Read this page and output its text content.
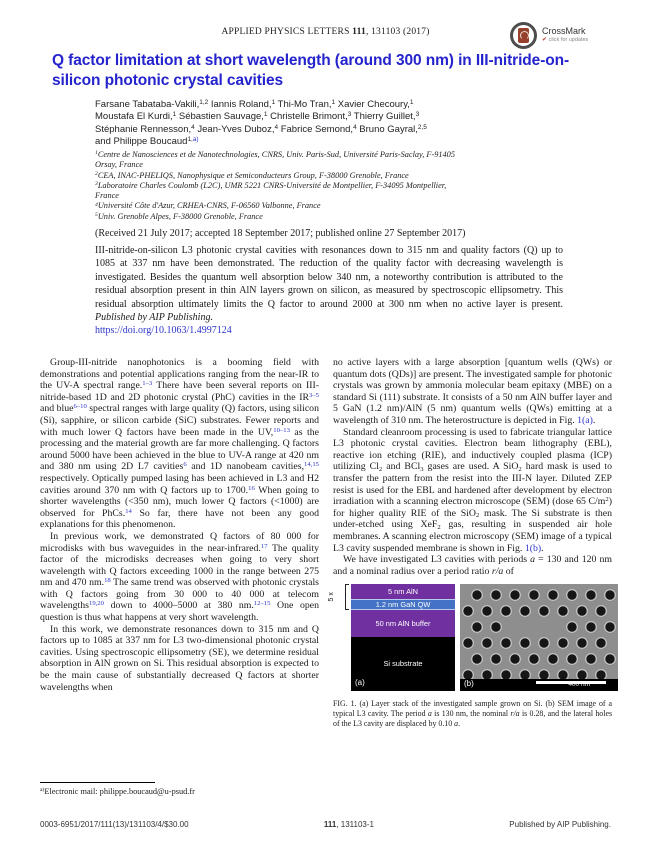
APPLIED PHYSICS LETTERS 111, 131103 (2017)	CrossMark
✔ click for updates
Q factor limitation at short wavelength (around 300 nm) in III-nitride-on-silicon photonic crystal cavities
Farsane Tabataba-Vakili,$^{1,2}$ Iannis Roland,$^1$ Thi-Mo Tran,$^1$ Xavier Checoury,$^1$
Moustafa El Kurdi,$^1$ Sébastien Sauvage,$^1$ Christelle Brimont,$^3$ Thierry Guillet,$^3$
Stéphanie Rennesson,$^4$ Jean-Yves Duboz,$^4$ Fabrice Semond,$^4$ Bruno Gayral,$^{2,5}$
and Philippe Boucaud$^{1,a)}$
$^1$Centre de Nanosciences et de Nanotechnologies, CNRS, Univ. Paris-Sud, Université Paris-Saclay, F-91405 Orsay, France
$^2$CEA, INAC-PHELIQS, Nanophysique et Semiconducteurs Group, F-38000 Grenoble, France
$^3$Laboratoire Charles Coulomb (L2C), UMR 5221 CNRS-Université de Montpellier, F-34095 Montpellier, France
$^4$Université Côte d'Azur, CRHEA-CNRS, F-06560 Valbonne, France
$^5$Univ. Grenoble Alpes, F-38000 Grenoble, France
(Received 21 July 2017; accepted 18 September 2017; published online 27 September 2017)
III-nitride-on-silicon L3 photonic crystal cavities with resonances down to 315 nm and quality factors (Q) up to 1085 at 337 nm have been demonstrated. The reduction of the quality factor with decreasing wavelength is investigated. Besides the quantum well absorption below 340 nm, a noteworthy contribution is attributed to the residual absorption present in thin AlN layers grown on silicon, as measured by spectroscopic ellipsometry. This residual absorption ultimately limits the Q factor to around 2000 at 300 nm when no active layer is present. Published by AIP Publishing.
https://doi.org/10.1063/1.4997124

Group-III-nitride nanophotonics is a booming field with demonstrations and potential applications ranging from the near-IR to the UV-A spectral range.$^{1-3}$ There have been several reports on III-nitride-based 1D and 2D photonic crystal (PhC) cavities in the IR$^{3-5}$ and blue$^{6-10}$ spectral ranges with large quality (Q) factors, using silicon (Si), sapphire, or silicon carbide (SiC) substrates. Fewer reports and with much lower Q factors have been made in the UV,$^{10-13}$ as the processing and the material growth are far more challenging. Q factors around 5000 have been achieved in the blue to UV-A range at 420 nm and 380 nm using 2D L7 cavities$^6$ and 1D nanobeam cavities,$^{14,15}$ respectively. Optically pumped lasing has been achieved in L3 and H2 cavities around 370 nm with Q factors up to 1700.16 When going to shorter wavelengths (<350 nm), much lower Q factors (<1000) are observed for PhCs.$^{14}$ So far, there have not been any good explanations for this phenomenon.

In previous work, we demonstrated Q factors of 80 000 for microdisks with bus waveguides in the near-infrared.$^{17}$ The quality factor of the microdisks decreases when going to very short wavelength with Q factors exceeding 1000 in the range between 275 nm and 470 nm.$^{18}$ The same trend was observed with photonic crystals with Q factors going from 30 000 to 40 000 at telecom wavelengths$^{19,20}$ down to 4000–5000 at 380 nm.$^{12-15}$ One open question is thus what happens at very short wavelength.

In this work, we demonstrate resonances down to 315 nm and Q factors up to 1085 at 337 nm for L3 two-dimensional photonic crystal cavities. Using spectroscopic ellipsometry (SE), we determine residual absorption in AlN grown on Si. This residual absorption is expected to be the main cause of substantially decreased Q factors at shorter wavelengths when

no active layers with a large absorption [quantum wells (QWs) or quantum dots (QDs)] are present. The investigated sample for photonic crystals was grown by ammonia molecular beam epitaxy (MBE) on a standard Si (111) substrate. It consists of a 50 nm AlN buffer layer and 5 GaN (1.2 nm)/AlN (5 nm) quantum wells (QWs) emitting at a wavelength of 310 nm. The heterostructure is depicted in Fig. 1(a).

Standard cleanroom processing is used to fabricate triangular lattice L3 photonic crystal cavities. Electron beam lithography (EBL), reactive ion etching (RIE), and inductively coupled plasma (ICP) utilizing $Cl_2$ and BCl$_3$ gases are used. A SiO$_2$ hard mask is used to transfer the pattern from the resist into the III-N layer. Diluted ZEP resist is used for the EBL and hardened after development by electron irradiation with a scanning electron microscope (SEM) (dose 65 $C/m^2$) for higher quality RIE of the SiO$_2$ mask. The Si substrate is then under-etched using XeF$_2$ gas, resulting in suspended air hole membranes. A scanning electron microscopy (SEM) image of a typical L3 cavity suspended membrane is shown in Fig. 1(b).

We have investigated L3 cavities with periods a = 130 and 120 nm and a nominal radius over a period ratio r/a of

5 x
5 nm AlN
1.2 nm GaN QW
50 nm AlN buffer
Si substrate
(a)	400 nm
(b)
FIG. 1. (a) Layer stack of the investigated sample grown on Si. (b) SEM image of a typical L3 cavity. The period a is 130 nm, the nominal r/a is 0.28, and the lateral holes of the L3 cavity are displaced by 0.10 a.
$^{a)}$Electronic mail: philippe.boucaud@u-psud.fr
0003-6951/2017/111(13)/131103/4/$30.00	111, 131103-1	Published by AIP Publishing.
